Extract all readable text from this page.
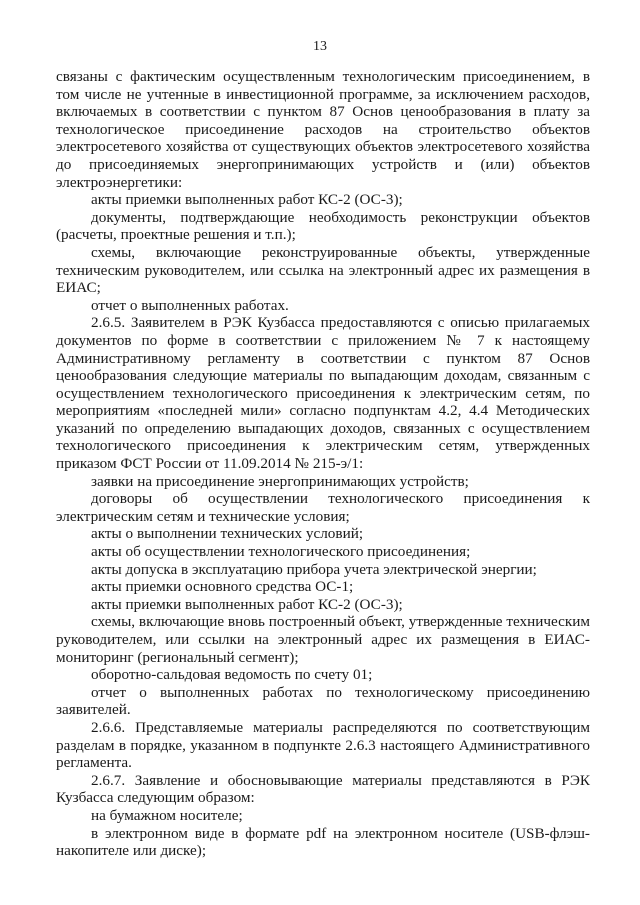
13

связаны с фактическим осуществленным технологическим присоединением, в том числе не учтенные в инвестиционной программе, за исключением расходов, включаемых в соответствии с пунктом 87 Основ ценообразования в плату за технологическое присоединение расходов на строительство объектов электросетевого хозяйства от существующих объектов электросетевого хозяйства до присоединяемых энергопринимающих устройств и (или) объектов электроэнергетики:

акты приемки выполненных работ КС-2 (ОС-3);

документы, подтверждающие необходимость реконструкции объектов (расчеты, проектные решения и т.п.);

схемы, включающие реконструированные объекты, утвержденные техническим руководителем, или ссылка на электронный адрес их размещения в ЕИАС;

отчет о выполненных работах.

2.6.5. Заявителем в РЭК Кузбасса предоставляются с описью прилагаемых документов по форме в соответствии с приложением № 7 к настоящему Административному регламенту в соответствии с пунктом 87 Основ ценообразования следующие материалы по выпадающим доходам, связанным с осуществлением технологического присоединения к электрическим сетям, по мероприятиям «последней мили» согласно подпунктам 4.2, 4.4 Методических указаний по определению выпадающих доходов, связанных с осуществлением технологического присоединения к электрическим сетям, утвержденных приказом ФСТ России от 11.09.2014 № 215-э/1:

заявки на присоединение энергопринимающих устройств;

договоры об осуществлении технологического присоединения к электрическим сетям и технические условия;

акты о выполнении технических условий;

акты об осуществлении технологического присоединения;

акты допуска в эксплуатацию прибора учета электрической энергии;

акты приемки основного средства ОС-1;

акты приемки выполненных работ КС-2 (ОС-3);

схемы, включающие вновь построенный объект, утвержденные техническим руководителем, или ссылки на электронный адрес их размещения в ЕИАС-мониторинг (региональный сегмент);

оборотно-сальдовая ведомость по счету 01;

отчет о выполненных работах по технологическому присоединению заявителей.

2.6.6. Представляемые материалы распределяются по соответствующим разделам в порядке, указанном в подпункте 2.6.3 настоящего Административного регламента.

2.6.7. Заявление и обосновывающие материалы представляются в РЭК Кузбасса следующим образом:

на бумажном носителе;

в электронном виде в формате pdf на электронном носителе (USB-флэш-накопителе или диске);
